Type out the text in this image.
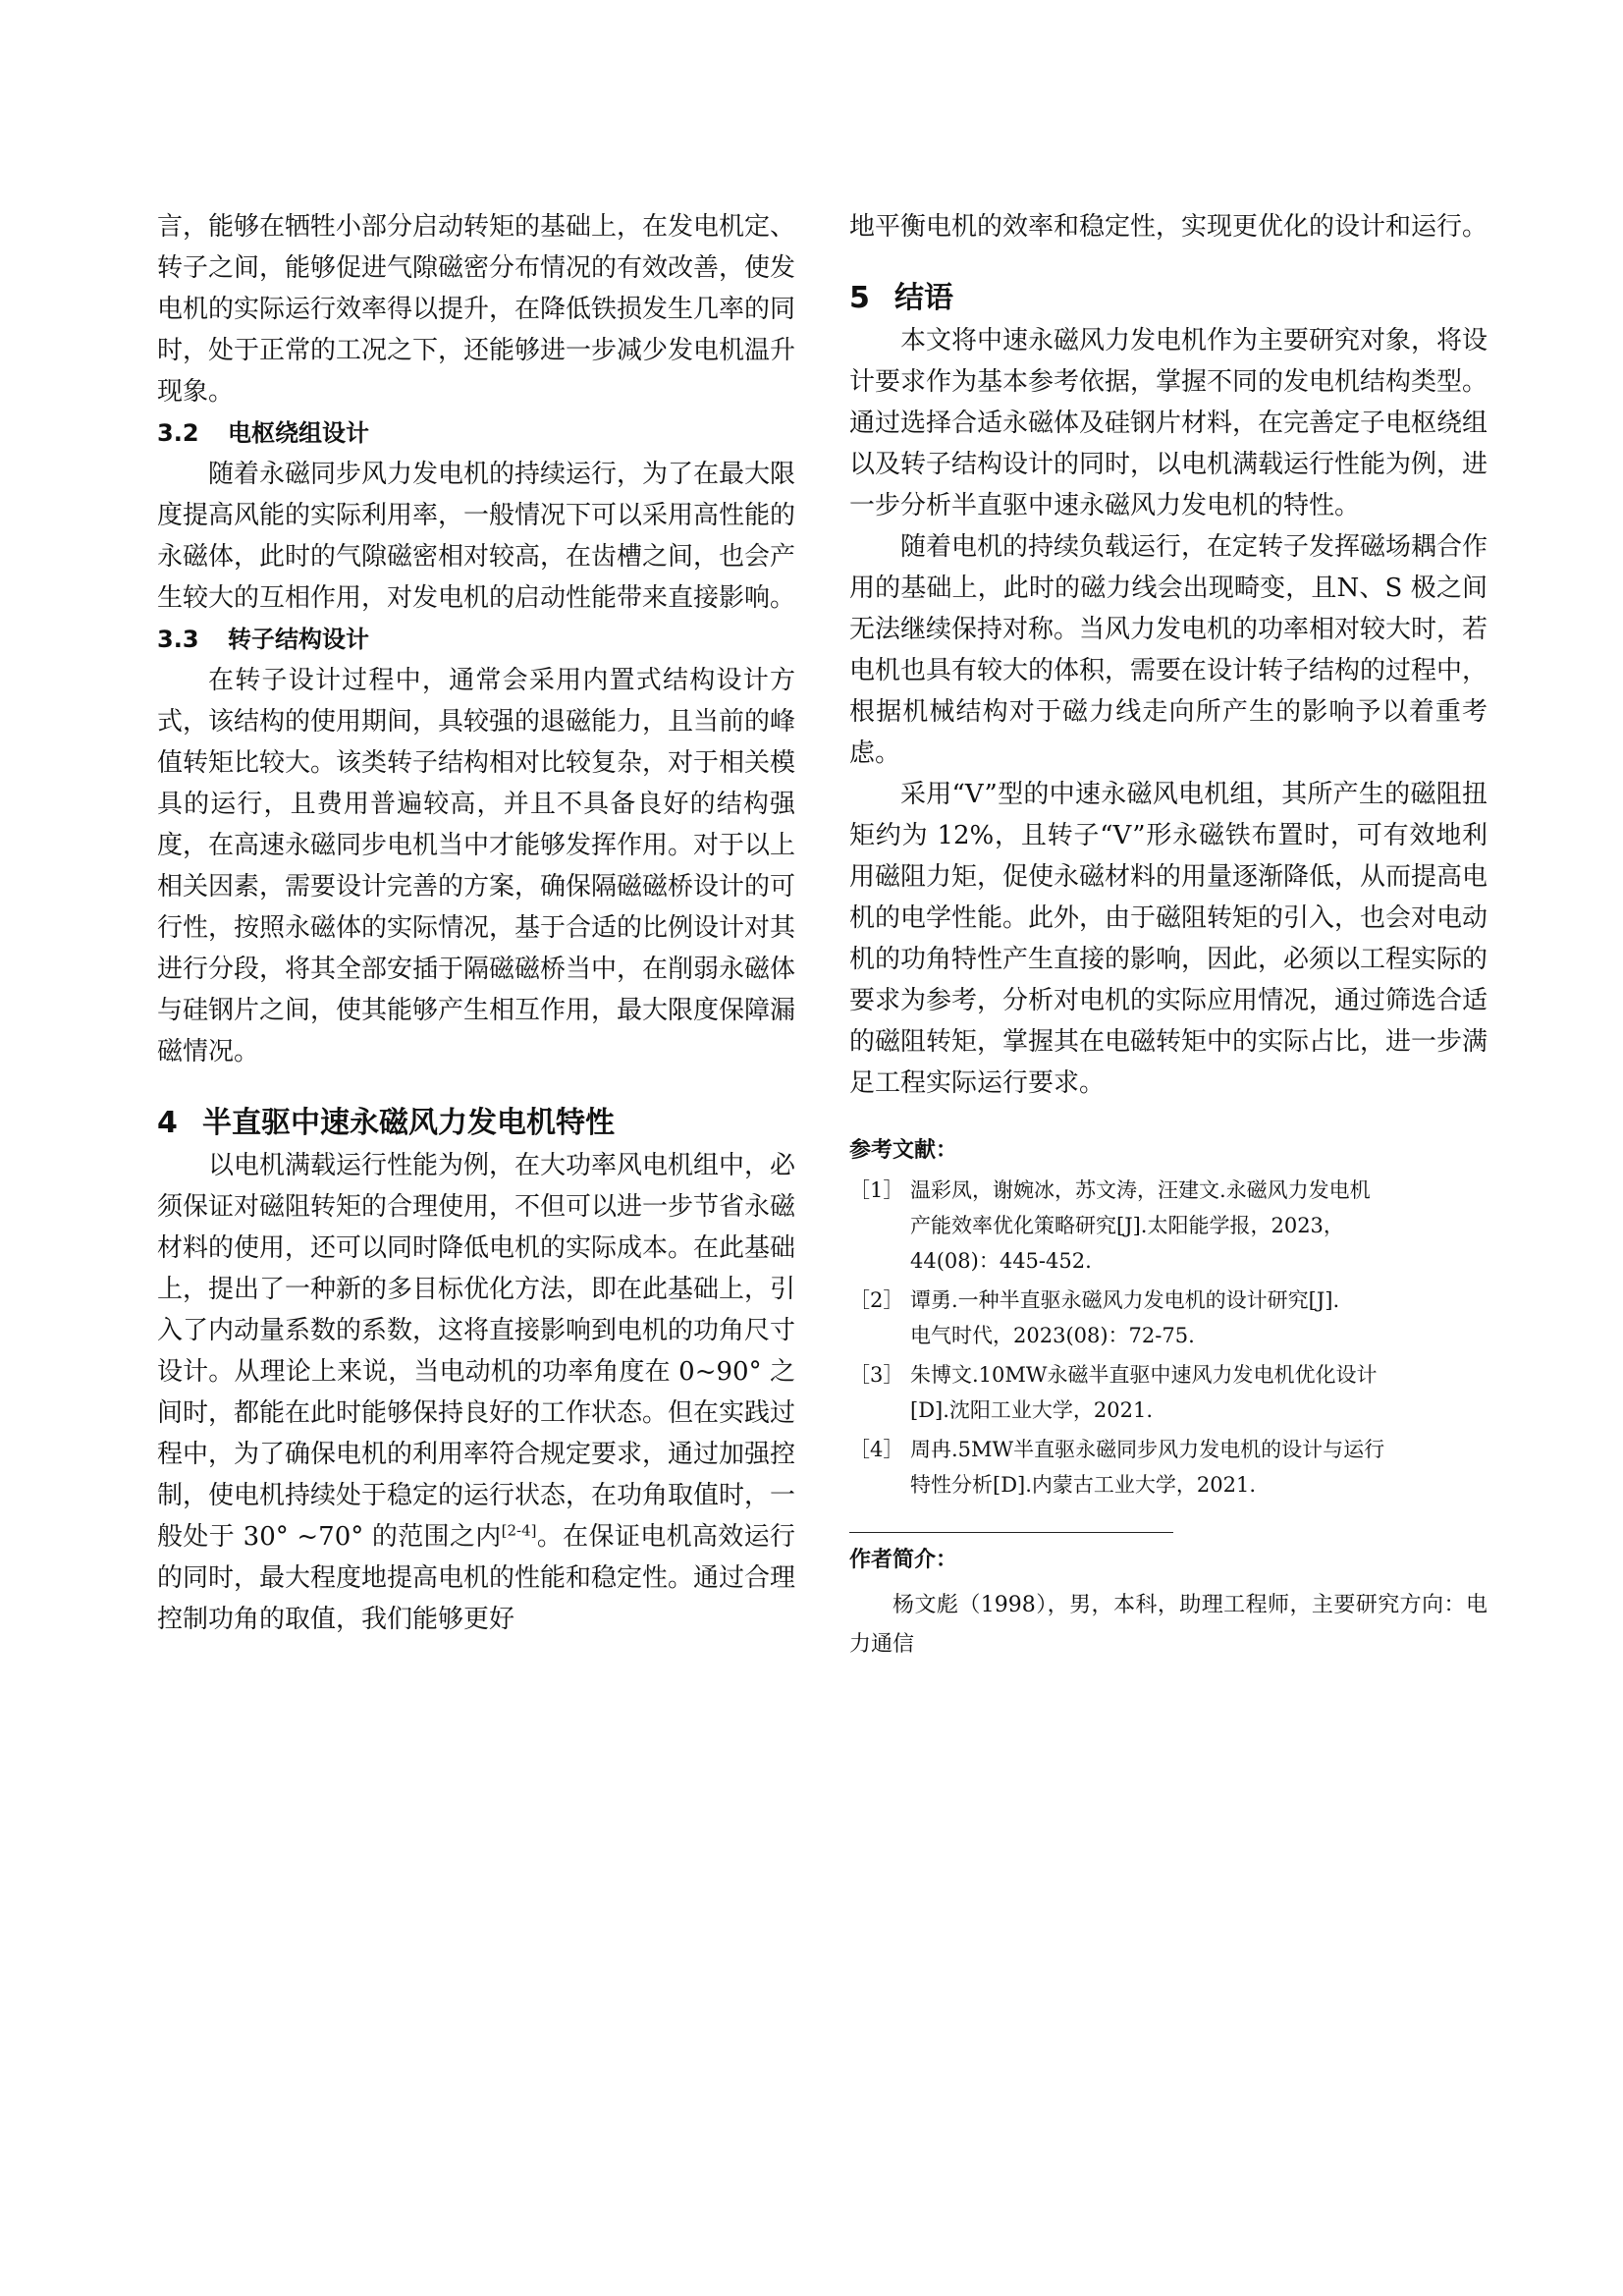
言，能够在牺牲小部分启动转矩的基础上，在发电机定、转子之间，能够促进气隙磁密分布情况的有效改善，使发电机的实际运行效率得以提升，在降低铁损发生几率的同时，处于正常的工况之下，还能够进一步减少发电机温升现象。

3.2 电枢绕组设计

随着永磁同步风力发电机的持续运行，为了在最大限度提高风能的实际利用率，一般情况下可以采用高性能的永磁体，此时的气隙磁密相对较高，在齿槽之间，也会产生较大的互相作用，对发电机的启动性能带来直接影响。

3.3 转子结构设计

在转子设计过程中，通常会采用内置式结构设计方式，该结构的使用期间，具较强的退磁能力，且当前的峰值转矩比较大。该类转子结构相对比较复杂，对于相关模具的运行，且费用普遍较高，并且不具备良好的结构强度，在高速永磁同步电机当中才能够发挥作用。对于以上相关因素，需要设计完善的方案，确保隔磁磁桥设计的可行性，按照永磁体的实际情况，基于合适的比例设计对其进行分段，将其全部安插于隔磁磁桥当中，在削弱永磁体与硅钢片之间，使其能够产生相互作用，最大限度保障漏磁情况。

4 半直驱中速永磁风力发电机特性

以电机满载运行性能为例，在大功率风电机组中，必须保证对磁阻转矩的合理使用，不但可以进一步节省永磁材料的使用，还可以同时降低电机的实际成本。在此基础上，提出了一种新的多目标优化方法，即在此基础上，引入了内动量系数的系数，这将直接影响到电机的功角尺寸设计。从理论上来说，当电动机的功率角度在 0~90° 之间时，都能在此时能够保持良好的工作状态。但在实践过程中，为了确保电机的利用率符合规定要求，通过加强控制，使电机持续处于稳定的运行状态，在功角取值时，一般处于 30° ~70° 的范围之内[2-4]。在保证电机高效运行的同时，最大程度地提高电机的性能和稳定性。通过合理控制功角的取值，我们能够更好

地平衡电机的效率和稳定性，实现更优化的设计和运行。

5 结语

本文将中速永磁风力发电机作为主要研究对象，将设计要求作为基本参考依据，掌握不同的发电机结构类型。通过选择合适永磁体及硅钢片材料，在完善定子电枢绕组以及转子结构设计的同时，以电机满载运行性能为例，进一步分析半直驱中速永磁风力发电机的特性。

随着电机的持续负载运行，在定转子发挥磁场耦合作用的基础上，此时的磁力线会出现畸变，且N、S 极之间无法继续保持对称。当风力发电机的功率相对较大时，若电机也具有较大的体积，需要在设计转子结构的过程中，根据机械结构对于磁力线走向所产生的影响予以着重考虑。

采用“V”型的中速永磁风电机组，其所产生的磁阻扭矩约为 12%，且转子“V”形永磁铁布置时，可有效地利用磁阻力矩，促使永磁材料的用量逐渐降低，从而提高电机的电学性能。此外，由于磁阻转矩的引入，也会对电动机的功角特性产生直接的影响，因此，必须以工程实际的要求为参考，分析对电机的实际应用情况，通过筛选合适的磁阻转矩，掌握其在电磁转矩中的实际占比，进一步满足工程实际运行要求。

参考文献：
［1］ 温彩凤，谢婉冰，苏文涛，汪建文.永磁风力发电机
产能效率优化策略研究[J].太阳能学报，2023，
44(08)：445-452.
［2］ 谭勇.一种半直驱永磁风力发电机的设计研究[J].
电气时代，2023(08)：72-75.
［3］ 朱博文.10MW永磁半直驱中速风力发电机优化设计
[D].沈阳工业大学，2021.
［4］ 周冉.5MW半直驱永磁同步风力发电机的设计与运行
特性分析[D].内蒙古工业大学，2021.
作者简介：

杨文彪（1998），男，本科，助理工程师，主要研究方向：电力通信
